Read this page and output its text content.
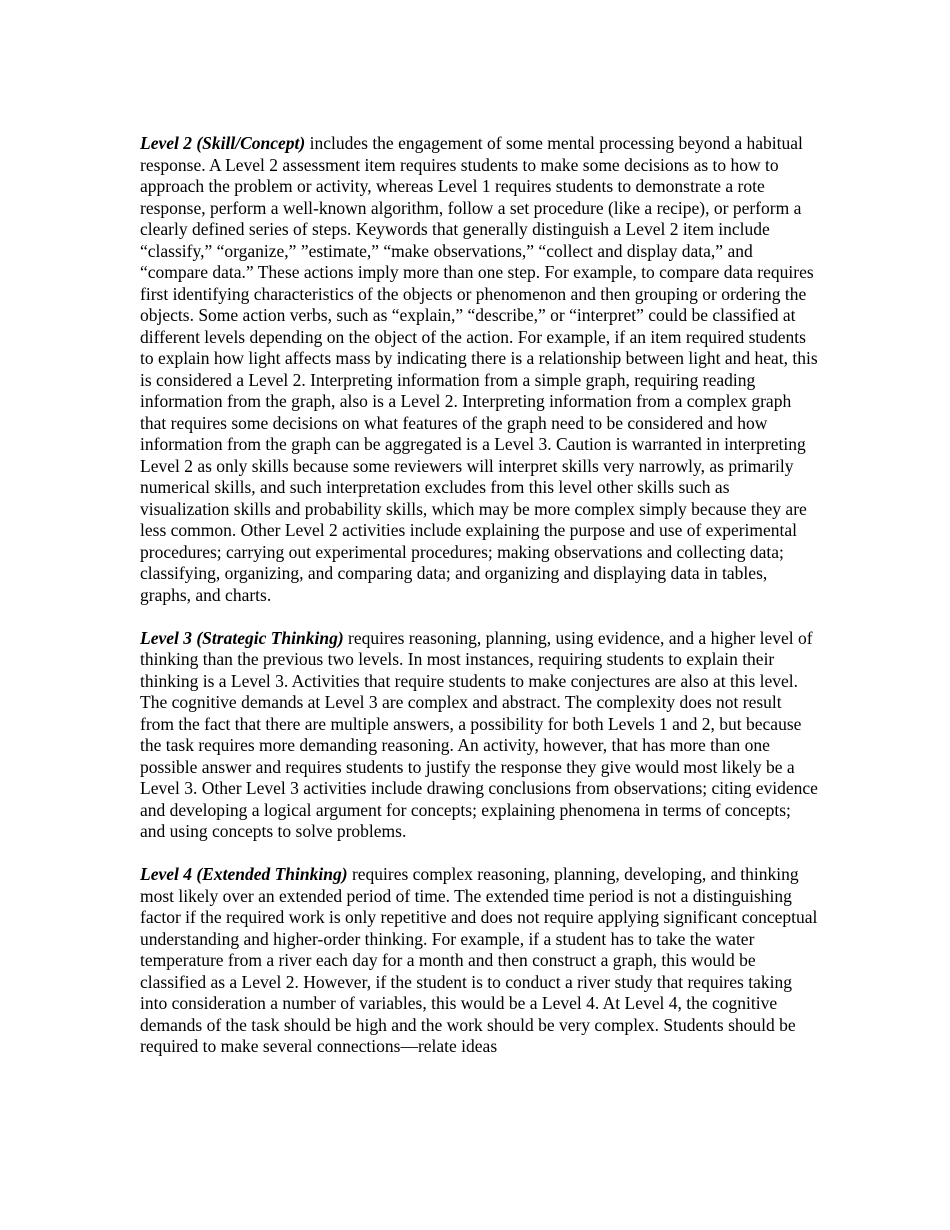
Level 2 (Skill/Concept) includes the engagement of some mental processing beyond a habitual response. A Level 2 assessment item requires students to make some decisions as to how to approach the problem or activity, whereas Level 1 requires students to demonstrate a rote response, perform a well-known algorithm, follow a set procedure (like a recipe), or perform a clearly defined series of steps. Keywords that generally distinguish a Level 2 item include “classify,” “organize,” ”estimate,” “make observations,” “collect and display data,” and “compare data.” These actions imply more than one step. For example, to compare data requires first identifying characteristics of the objects or phenomenon and then grouping or ordering the objects. Some action verbs, such as “explain,” “describe,” or “interpret” could be classified at different levels depending on the object of the action. For example, if an item required students to explain how light affects mass by indicating there is a relationship between light and heat, this is considered a Level 2. Interpreting information from a simple graph, requiring reading information from the graph, also is a Level 2. Interpreting information from a complex graph that requires some decisions on what features of the graph need to be considered and how information from the graph can be aggregated is a Level 3. Caution is warranted in interpreting Level 2 as only skills because some reviewers will interpret skills very narrowly, as primarily numerical skills, and such interpretation excludes from this level other skills such as visualization skills and probability skills, which may be more complex simply because they are less common. Other Level 2 activities include explaining the purpose and use of experimental procedures; carrying out experimental procedures; making observations and collecting data; classifying, organizing, and comparing data; and organizing and displaying data in tables, graphs, and charts.

Level 3 (Strategic Thinking) requires reasoning, planning, using evidence, and a higher level of thinking than the previous two levels. In most instances, requiring students to explain their thinking is a Level 3. Activities that require students to make conjectures are also at this level. The cognitive demands at Level 3 are complex and abstract. The complexity does not result from the fact that there are multiple answers, a possibility for both Levels 1 and 2, but because the task requires more demanding reasoning. An activity, however, that has more than one possible answer and requires students to justify the response they give would most likely be a Level 3. Other Level 3 activities include drawing conclusions from observations; citing evidence and developing a logical argument for concepts; explaining phenomena in terms of concepts; and using concepts to solve problems.

Level 4 (Extended Thinking) requires complex reasoning, planning, developing, and thinking most likely over an extended period of time. The extended time period is not a distinguishing factor if the required work is only repetitive and does not require applying significant conceptual understanding and higher-order thinking. For example, if a student has to take the water temperature from a river each day for a month and then construct a graph, this would be classified as a Level 2. However, if the student is to conduct a river study that requires taking into consideration a number of variables, this would be a Level 4. At Level 4, the cognitive demands of the task should be high and the work should be very complex. Students should be required to make several connections—relate ideas
